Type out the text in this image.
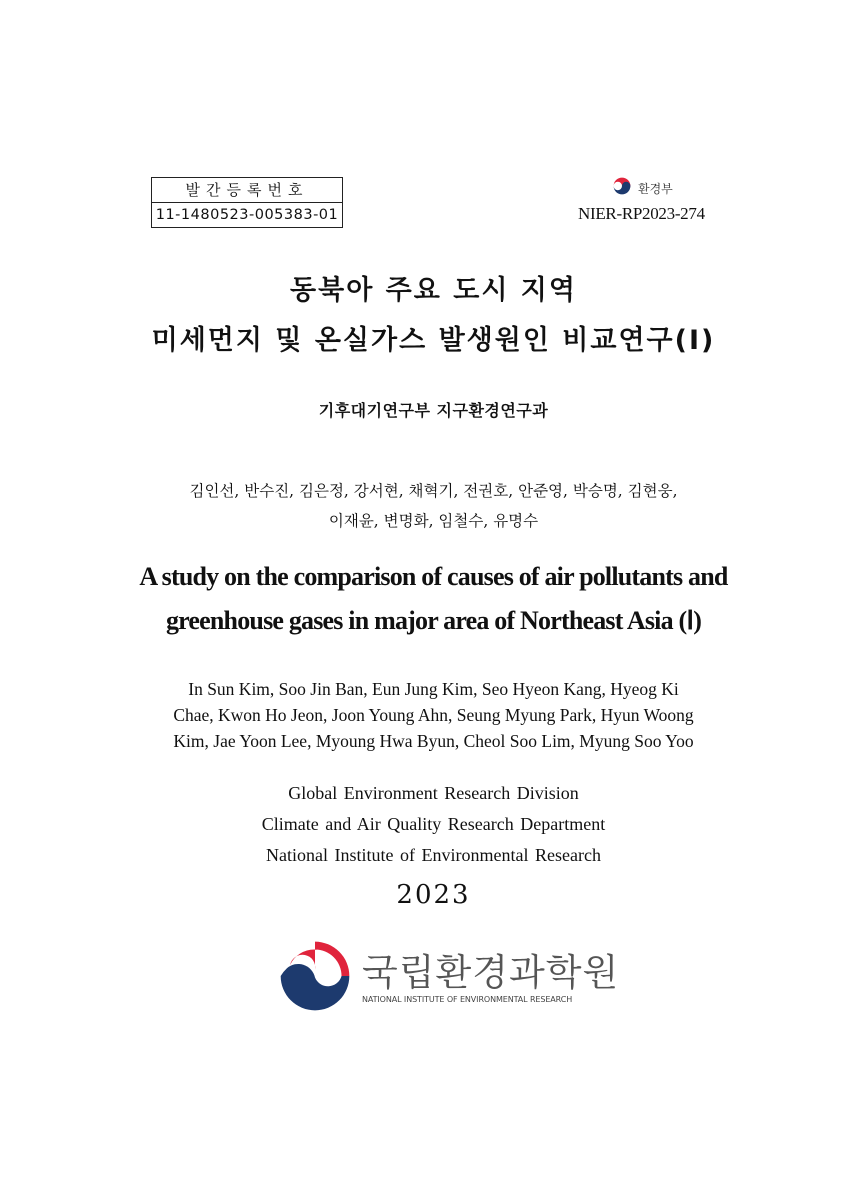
발간등록번호
11-1480523-005383-01
환경부
NIER-RP2023-274
동북아 주요 도시 지역
미세먼지 및 온실가스 발생원인 비교연구(Ⅰ)
기후대기연구부 지구환경연구과
김인선, 반수진, 김은정, 강서현, 채혁기, 전권호, 안준영, 박승명, 김현웅,
이재윤, 변명화, 임철수, 유명수
A study on the comparison of causes of air pollutants and
greenhouse gases in major area of Northeast Asia (Ⅰ)
In Sun Kim, Soo Jin Ban, Eun Jung Kim, Seo Hyeon Kang, Hyeog Ki
Chae, Kwon Ho Jeon, Joon Young Ahn, Seung Myung Park, Hyun Woong
Kim, Jae Yoon Lee, Myoung Hwa Byun, Cheol Soo Lim, Myung Soo Yoo
Global Environment Research Division
Climate and Air Quality Research Department
National Institute of Environmental Research
2023
국립환경과학원
NATIONAL INSTITUTE OF ENVIRONMENTAL RESEARCH
